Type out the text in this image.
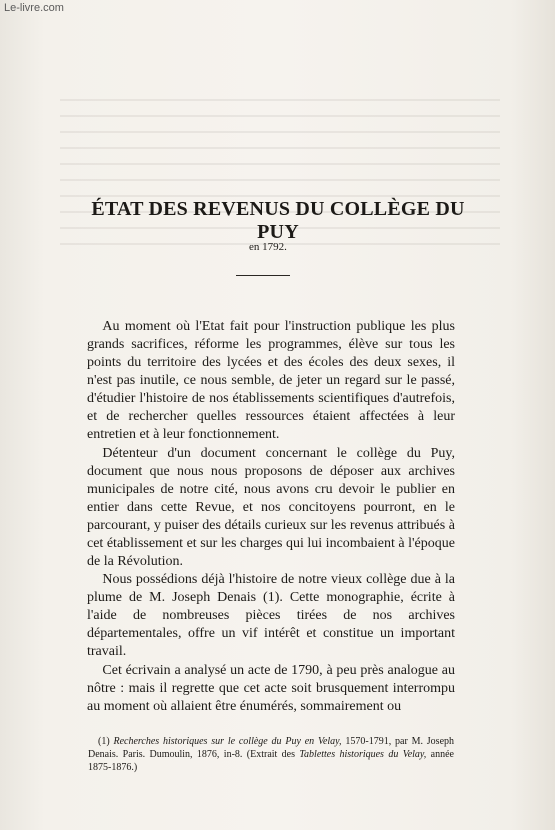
Le-livre.com
ÉTAT DES REVENUS DU COLLÈGE DU PUY
en 1792.

Au moment où l'Etat fait pour l'instruction publique les plus grands sacrifices, réforme les programmes, élève sur tous les points du territoire des lycées et des écoles des deux sexes, il n'est pas inutile, ce nous semble, de jeter un regard sur le passé, d'étudier l'histoire de nos établissements scientifiques d'autrefois, et de rechercher quelles ressources étaient affectées à leur entretien et à leur fonctionnement.

Détenteur d'un document concernant le collège du Puy, document que nous nous proposons de déposer aux archives municipales de notre cité, nous avons cru devoir le publier en entier dans cette Revue, et nos concitoyens pourront, en le parcourant, y puiser des détails curieux sur les revenus attribués à cet établissement et sur les charges qui lui incombaient à l'époque de la Révolution.

Nous possédions déjà l'histoire de notre vieux collège due à la plume de M. Joseph Denais (1). Cette monographie, écrite à l'aide de nombreuses pièces tirées de nos archives départementales, offre un vif intérêt et constitue un important travail.

Cet écrivain a analysé un acte de 1790, à peu près analogue au nôtre : mais il regrette que cet acte soit brusquement interrompu au moment où allaient être énumérés, sommairement ou

(1) Recherches historiques sur le collège du Puy en Velay, 1570-1791, par M. Joseph Denais. Paris. Dumoulin, 1876, in-8. (Extrait des Tablettes historiques du Velay, année 1875-1876.)
